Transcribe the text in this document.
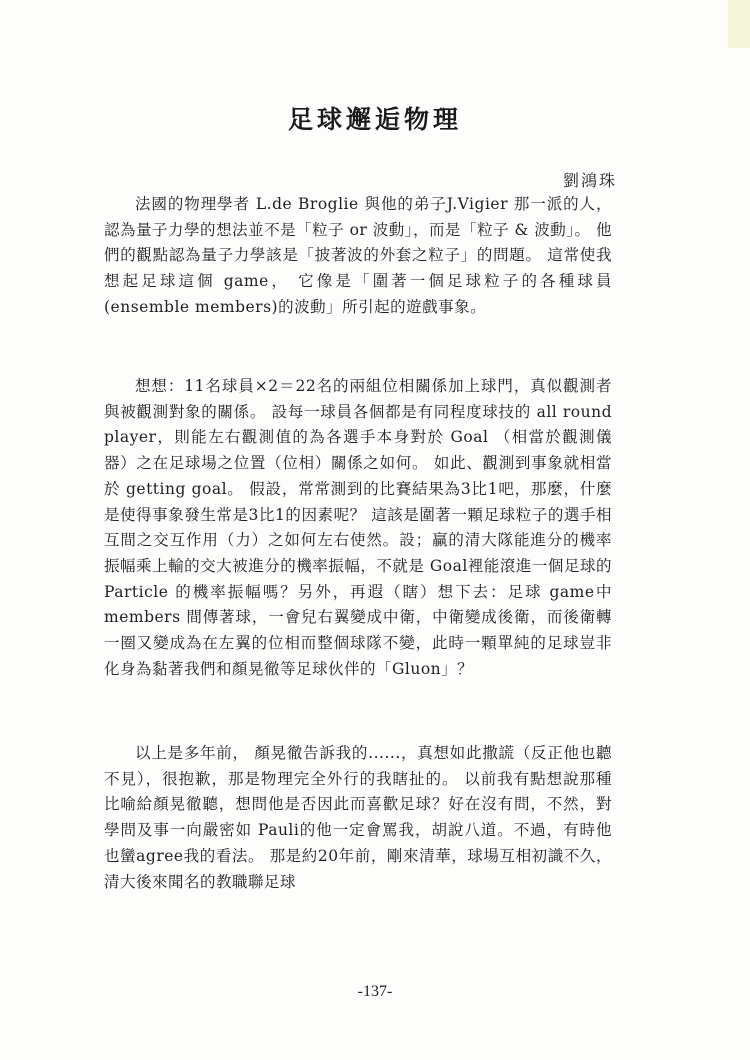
足球邂逅物理
劉鴻珠

法國的物理學者 L.de Broglie 與他的弟子J.Vigier 那一派的人，認為量子力學的想法並不是「粒子 or 波動」，而是「粒子 & 波動」。 他們的觀點認為量子力學該是「披著波的外套之粒子」的問題。 這常使我想起足球這個 game， 它像是「圍著一個足球粒子的各種球員(ensemble members)的波動」所引起的遊戲事象。

想想：11名球員×2＝22名的兩組位相關係加上球門，真似觀測者與被觀測對象的關係。 設每一球員各個都是有同程度球技的 all round player，則能左右觀測值的為各選手本身對於 Goal （相當於觀測儀器）之在足球場之位置（位相）關係之如何。 如此、觀測到事象就相當於 getting goal。 假設，常常測到的比賽結果為3比1吧，那麼，什麼是使得事象發生常是3比1的因素呢？ 這該是圍著一顆足球粒子的選手相互間之交互作用（力）之如何左右使然。設；贏的清大隊能進分的機率振幅乘上輸的交大被進分的機率振幅，不就是 Goal裡能滾進一個足球的Particle 的機率振幅嗎？另外，再遐（瞎）想下去：足球 game中 members 間傳著球，一會兒右翼變成中衛，中衛變成後衛，而後衛轉一圈又變成為在左翼的位相而整個球隊不變，此時一顆單純的足球豈非化身為黏著我們和顏晃徹等足球伙伴的「Gluon」？

以上是多年前， 顏晃徹告訴我的......，真想如此撒謊（反正他也聽不見），很抱歉，那是物理完全外行的我瞎扯的。 以前我有點想說那種比喻給顏晃徹聽，想問他是否因此而喜歡足球？好在沒有問，不然，對學問及事一向嚴密如 Pauli的他一定會罵我，胡說八道。不過，有時他也蠻agree我的看法。 那是約20年前，剛來清華，球場互相初識不久，清大後來聞名的教職聯足球

-137-
